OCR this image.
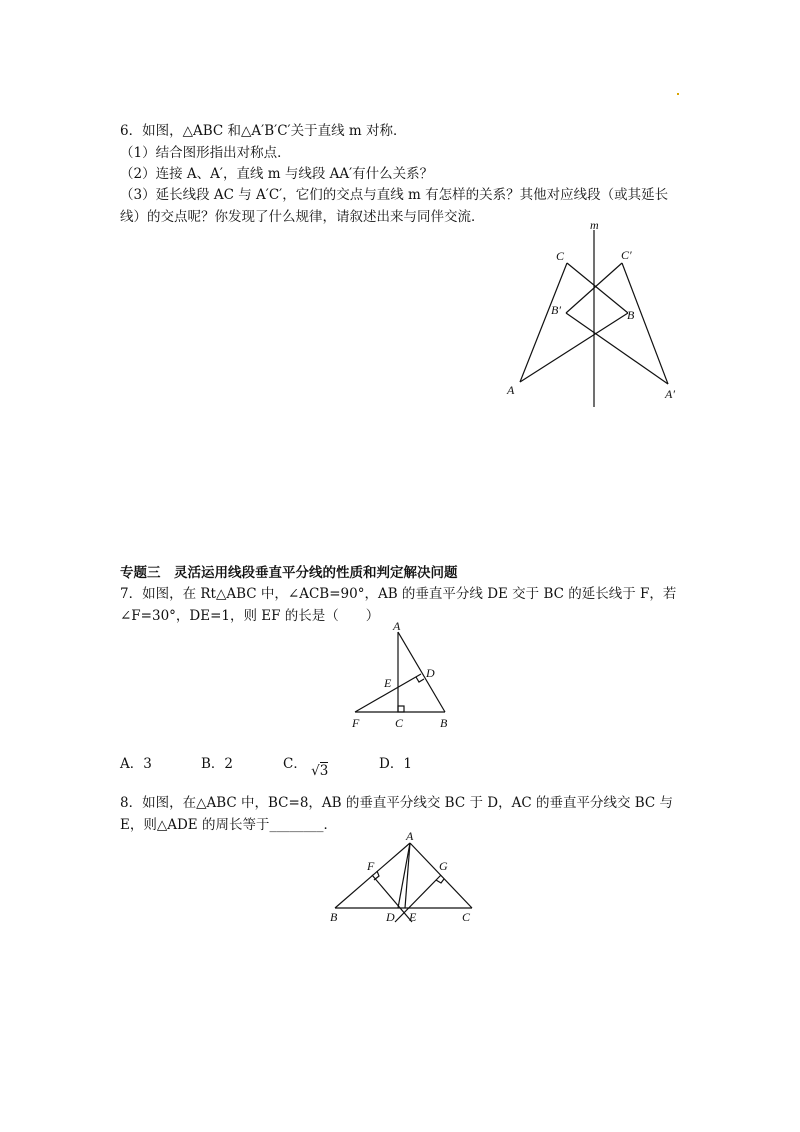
6．如图，△ABC 和△A′B′C′关于直线 m 对称．
（1）结合图形指出对称点．
（2）连接 A、A′，直线 m 与线段 AA′有什么关系？
（3）延长线段 AC 与 A′C′，它们的交点与直线 m 有怎样的关系？其他对应线段（或其延长
线）的交点呢？你发现了什么规律，请叙述出来与同伴交流．	m
C	C′
B′	B
A	A′
专题三　灵活运用线段垂直平分线的性质和判定解决问题
7．如图，在 Rt△ABC 中，∠ACB=90°，AB 的垂直平分线 DE 交于 BC 的延长线于 F，若
∠F=30°，DE=1，则 EF 的长是（　　）
A
D
E
F	C	B
A．3	B．2	C． √3	D．1
8．如图，在△ABC 中，BC=8，AB 的垂直平分线交 BC 于 D，AC 的垂直平分线交 BC 与
E，则△ADE 的周长等于________．
A
F	G
B	D E	C
